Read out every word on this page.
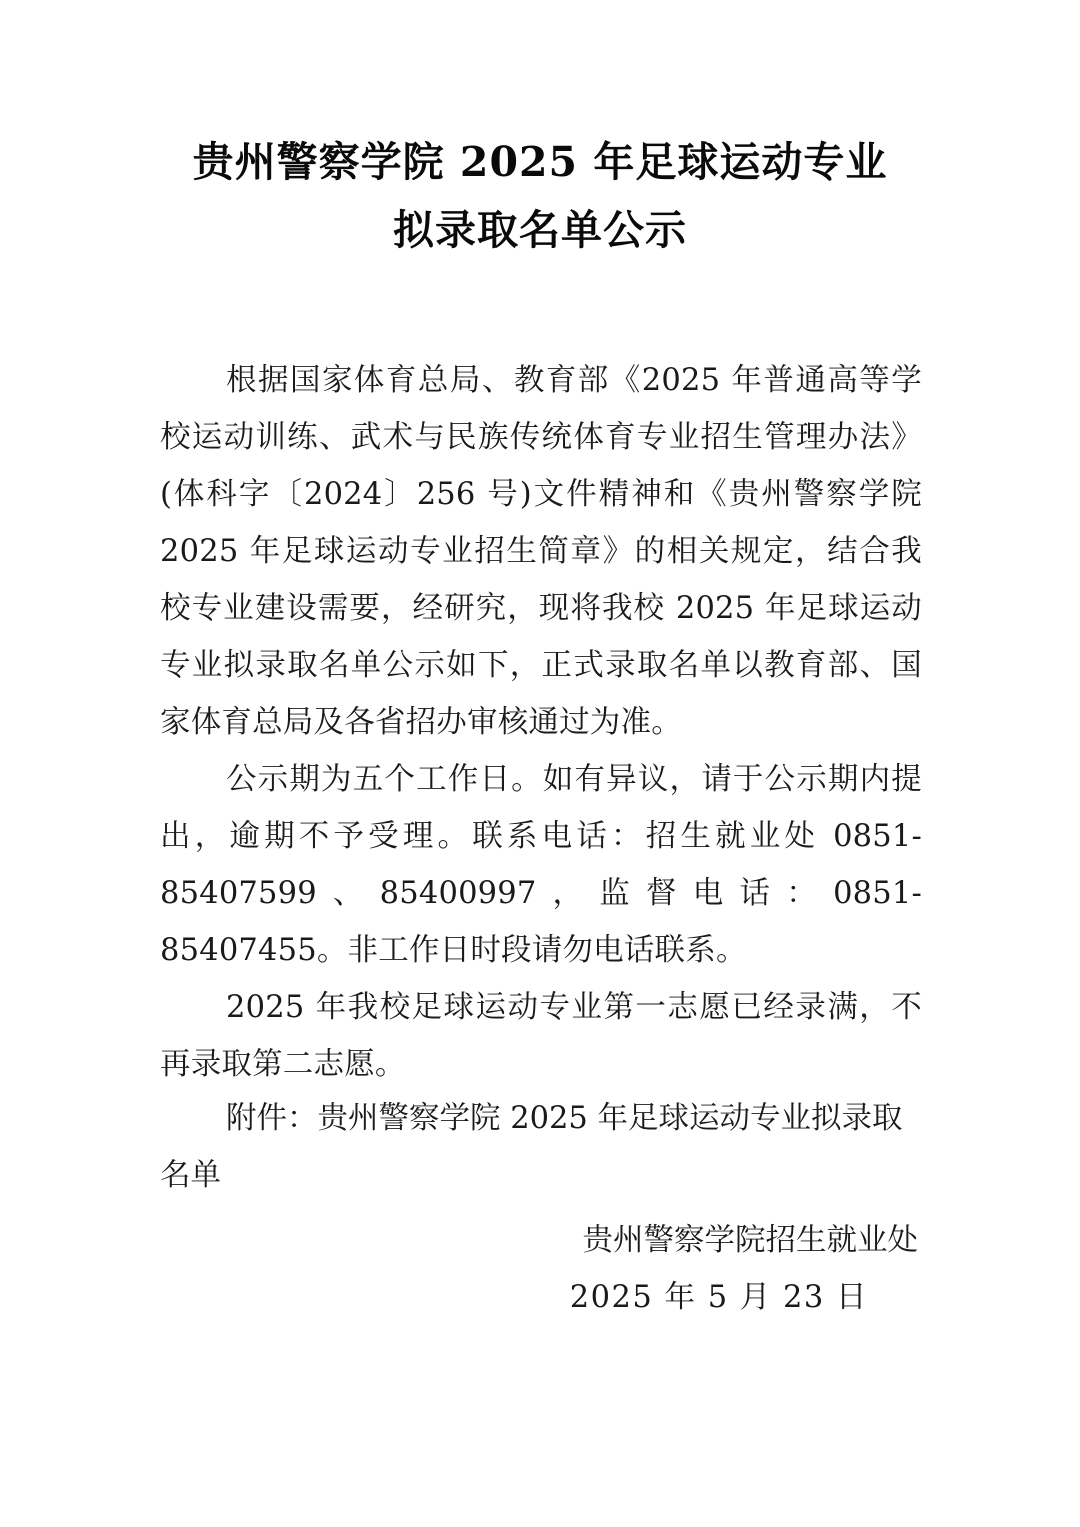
贵州警察学院 2025 年足球运动专业
拟录取名单公示

根据国家体育总局、教育部《2025 年普通高等学校运动训练、武术与民族传统体育专业招生管理办法》(体科字〔2024〕256 号)文件精神和《贵州警察学院 2025 年足球运动专业招生简章》的相关规定，结合我校专业建设需要，经研究，现将我校 2025 年足球运动专业拟录取名单公示如下，正式录取名单以教育部、国家体育总局及各省招办审核通过为准。

公示期为五个工作日。如有异议，请于公示期内提出，逾期不予受理。联系电话：招生就业处 0851-85407599、85400997，监督电话：0851-85407455。非工作日时段请勿电话联系。

2025 年我校足球运动专业第一志愿已经录满，不再录取第二志愿。

附件：贵州警察学院 2025 年足球运动专业拟录取名单
贵州警察学院招生就业处
2025 年 5 月 23 日
